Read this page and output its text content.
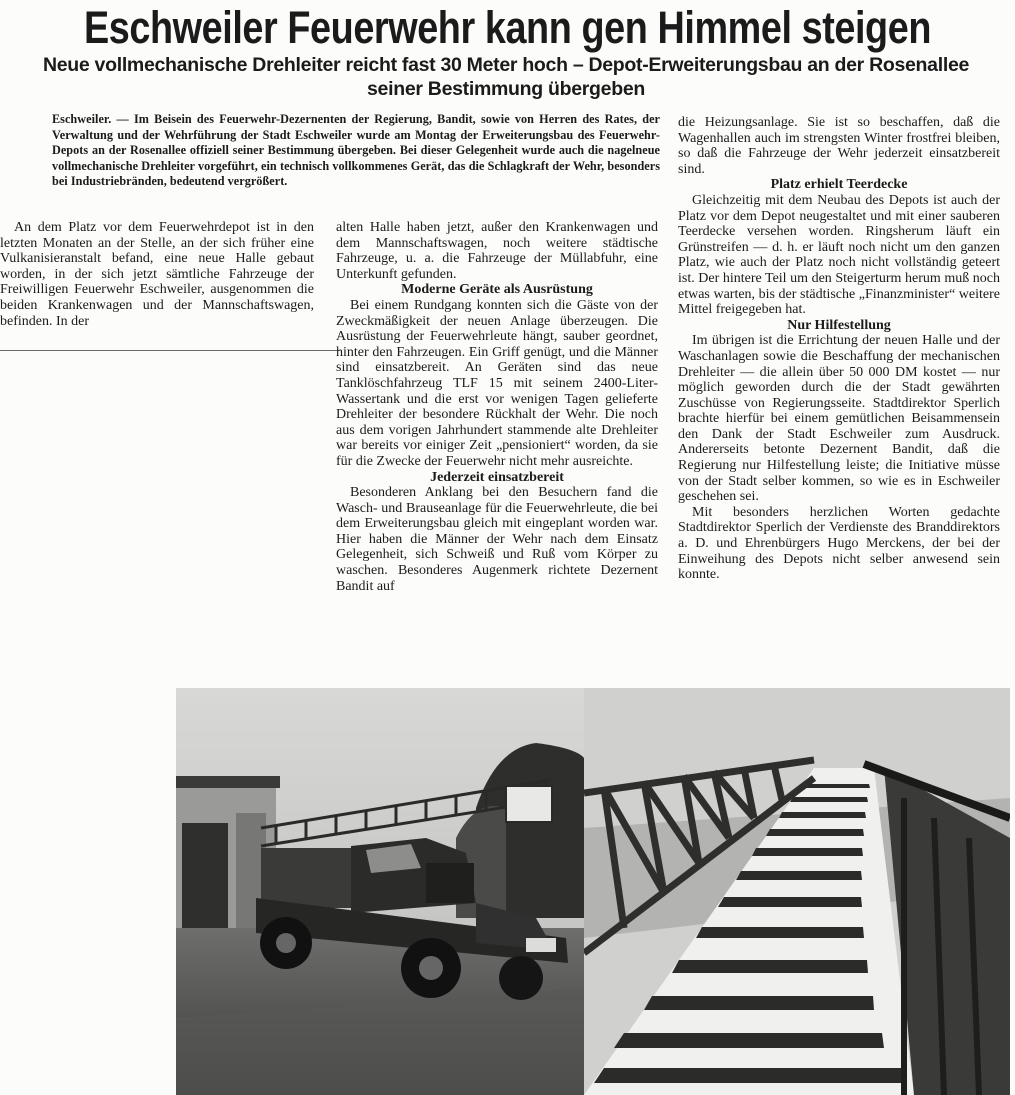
Eschweiler Feuerwehr kann gen Himmel steigen
Neue vollmechanische Drehleiter reicht fast 30 Meter hoch – Depot-Erweiterungsbau an der Rosenallee
seiner Bestimmung übergeben
Eschweiler. — Im Beisein des Feuerwehr-Dezernenten der Regierung, Bandit, sowie von Herren des Rates, der Verwaltung und der Wehrführung der Stadt Eschweiler wurde am Montag der Erweiterungsbau des Feuerwehr-Depots an der Rosenallee offiziell seiner Bestimmung übergeben. Bei dieser Gelegenheit wurde auch die nagelneue vollmechanische Drehleiter vorgeführt, ein technisch vollkommenes Gerät, das die Schlagkraft der Wehr, besonders bei Industriebränden, bedeutend vergrößert.

An dem Platz vor dem Feuerwehrdepot ist in den letzten Monaten an der Stelle, an der sich früher eine Vulkanisieranstalt befand, eine neue Halle gebaut worden, in der sich jetzt sämtliche Fahrzeuge der Freiwilligen Feuerwehr Eschweiler, ausgenommen die beiden Krankenwagen und der Mannschaftswagen, befinden. In der

alten Halle haben jetzt, außer den Krankenwagen und dem Mannschaftswagen, noch weitere städtische Fahrzeuge, u. a. die Fahrzeuge der Müllabfuhr, eine Unterkunft gefunden.

Moderne Geräte als Ausrüstung

Bei einem Rundgang konnten sich die Gäste von der Zweckmäßigkeit der neuen Anlage überzeugen. Die Ausrüstung der Feuerwehrleute hängt, sauber geordnet, hinter den Fahrzeugen. Ein Griff genügt, und die Männer sind einsatzbereit. An Geräten sind das neue Tanklöschfahrzeug TLF 15 mit seinem 2400-Liter-Wassertank und die erst vor wenigen Tagen gelieferte Drehleiter der besondere Rückhalt der Wehr. Die noch aus dem vorigen Jahrhundert stammende alte Drehleiter war bereits vor einiger Zeit „pensioniert“ worden, da sie für die Zwecke der Feuerwehr nicht mehr ausreichte.

Jederzeit einsatzbereit

Besonderen Anklang bei den Besuchern fand die Wasch- und Brauseanlage für die Feuerwehrleute, die bei dem Erweiterungsbau gleich mit eingeplant worden war. Hier haben die Männer der Wehr nach dem Einsatz Gelegenheit, sich Schweiß und Ruß vom Körper zu waschen. Besonderes Augenmerk richtete Dezernent Bandit auf

die Heizungsanlage. Sie ist so beschaffen, daß die Wagenhallen auch im strengsten Winter frostfrei bleiben, so daß die Fahrzeuge der Wehr jederzeit einsatzbereit sind.

Platz erhielt Teerdecke

Gleichzeitig mit dem Neubau des Depots ist auch der Platz vor dem Depot neugestaltet und mit einer sauberen Teerdecke versehen worden. Ringsherum läuft ein Grünstreifen — d. h. er läuft noch nicht um den ganzen Platz, wie auch der Platz noch nicht vollständig geteert ist. Der hintere Teil um den Steigerturm herum muß noch etwas warten, bis der städtische „Finanzminister“ weitere Mittel freigegeben hat.

Nur Hilfestellung

Im übrigen ist die Errichtung der neuen Halle und der Waschanlagen sowie die Beschaffung der mechanischen Drehleiter — die allein über 50 000 DM kostet — nur möglich geworden durch die der Stadt gewährten Zuschüsse von Regierungsseite. Stadtdirektor Sperlich brachte hierfür bei einem gemütlichen Beisammensein den Dank der Stadt Eschweiler zum Ausdruck. Andererseits betonte Dezernent Bandit, daß die Regierung nur Hilfestellung leiste; die Initiative müsse von der Stadt selber kommen, so wie es in Eschweiler geschehen sei.

Mit besonders herzlichen Worten gedachte Stadtdirektor Sperlich der Verdienste des Branddirektors a. D. und Ehrenbürgers Hugo Merckens, der bei der Einweihung des Depots nicht selber anwesend sein konnte.
